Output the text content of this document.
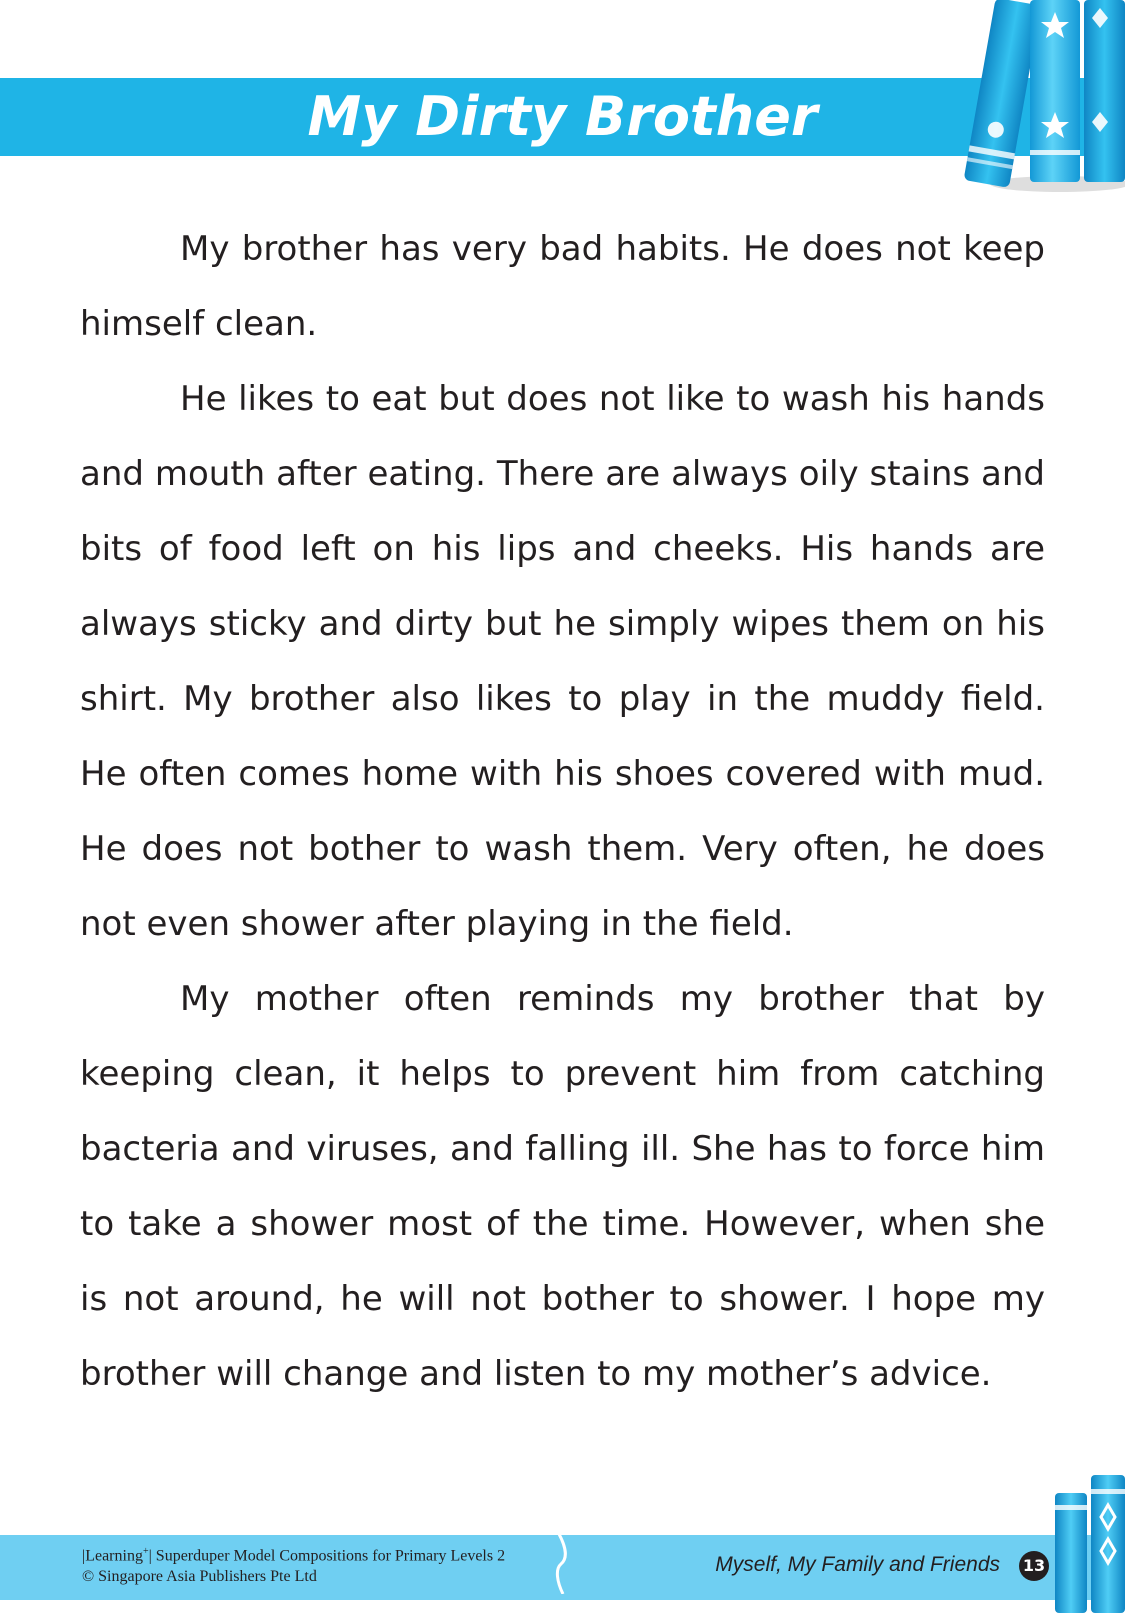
My Dirty Brother

My brother has very bad habits. He does not keep himself clean.

He likes to eat but does not like to wash his hands and mouth after eating. There are always oily stains and bits of food left on his lips and cheeks. His hands are always sticky and dirty but he simply wipes them on his shirt. My brother also likes to play in the muddy field. He often comes home with his shoes covered with mud. He does not bother to wash them. Very often, he does not even shower after playing in the field.

My mother often reminds my brother that by keeping clean, it helps to prevent him from catching bacteria and viruses, and falling ill. She has to force him to take a shower most of the time. However, when she is not around, he will not bother to shower. I hope my brother will change and listen to my mother’s advice.

|Learning+| Superduper Model Compositions for Primary Levels 2
© Singapore Asia Publishers Pte Ltd
Myself, My Family and Friends 13
